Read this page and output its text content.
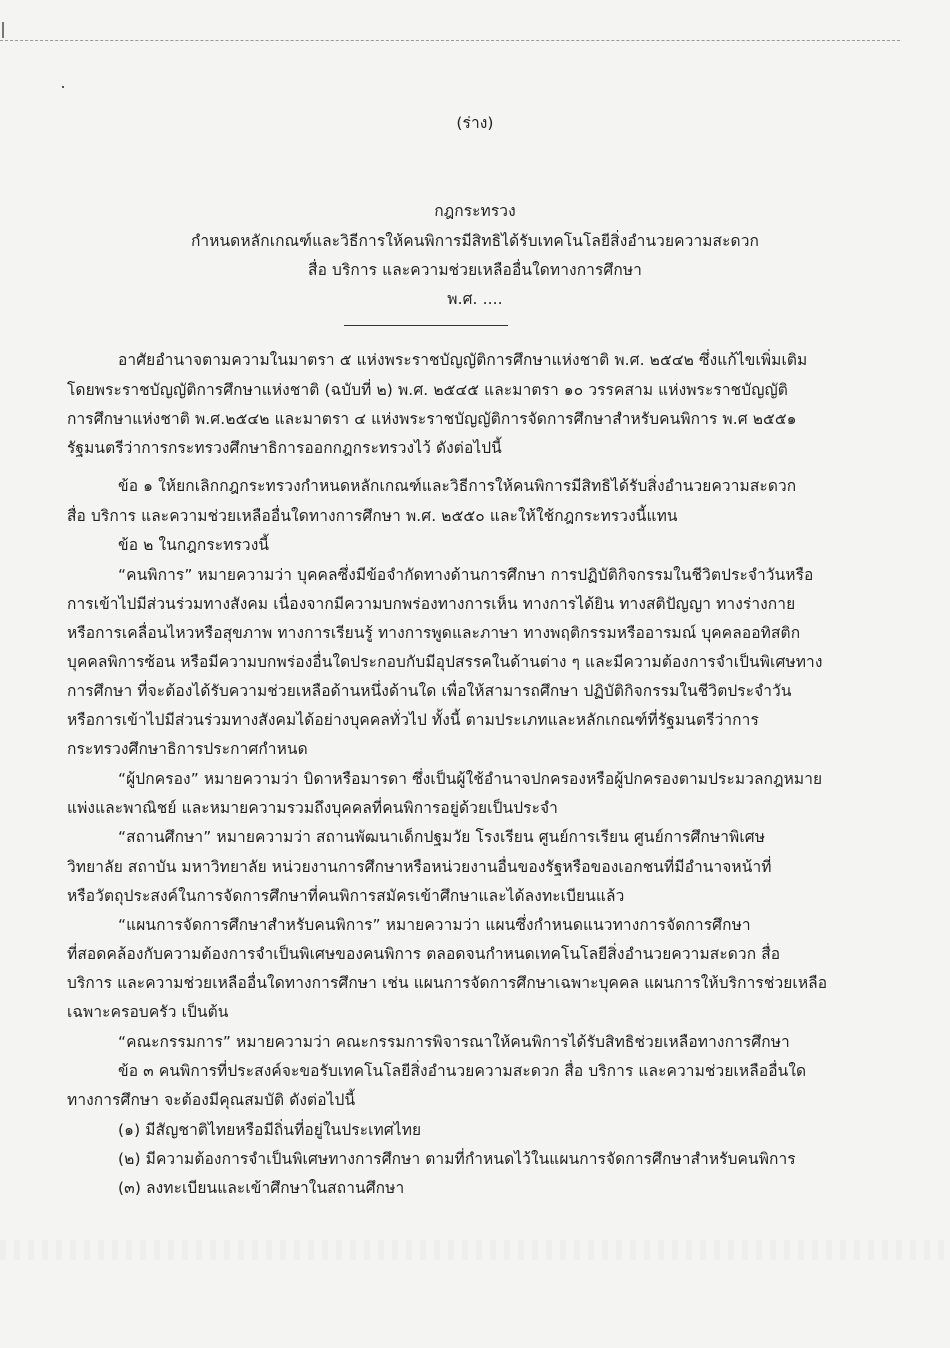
(ร่าง)
กฎกระทรวง
กำหนดหลักเกณฑ์และวิธีการให้คนพิการมีสิทธิได้รับเทคโนโลยีสิ่งอำนวยความสะดวก
สื่อ บริการ และความช่วยเหลืออื่นใดทางการศึกษา
พ.ศ. ....
อาศัยอำนาจตามความในมาตรา ๕ แห่งพระราชบัญญัติการศึกษาแห่งชาติ พ.ศ. ๒๕๔๒ ซึ่งแก้ไขเพิ่มเติม
โดยพระราชบัญญัติการศึกษาแห่งชาติ (ฉบับที่ ๒) พ.ศ. ๒๕๔๕ และมาตรา ๑๐ วรรคสาม แห่งพระราชบัญญัติ
การศึกษาแห่งชาติ พ.ศ.๒๕๔๒ และมาตรา ๔ แห่งพระราชบัญญัติการจัดการศึกษาสำหรับคนพิการ พ.ศ ๒๕๕๑
รัฐมนตรีว่าการกระทรวงศึกษาธิการออกกฎกระทรวงไว้ ดังต่อไปนี้
ข้อ ๑ ให้ยกเลิกกฎกระทรวงกำหนดหลักเกณฑ์และวิธีการให้คนพิการมีสิทธิได้รับสิ่งอำนวยความสะดวก
สื่อ บริการ และความช่วยเหลืออื่นใดทางการศึกษา พ.ศ. ๒๕๕๐ และให้ใช้กฎกระทรวงนี้แทน
ข้อ ๒ ในกฎกระทรวงนี้
“คนพิการ” หมายความว่า บุคคลซึ่งมีข้อจำกัดทางด้านการศึกษา การปฏิบัติกิจกรรมในชีวิตประจำวันหรือ
การเข้าไปมีส่วนร่วมทางสังคม เนื่องจากมีความบกพร่องทางการเห็น ทางการได้ยิน ทางสติปัญญา ทางร่างกาย
หรือการเคลื่อนไหวหรือสุขภาพ ทางการเรียนรู้ ทางการพูดและภาษา ทางพฤติกรรมหรืออารมณ์ บุคคลออทิสติก
บุคคลพิการซ้อน หรือมีความบกพร่องอื่นใดประกอบกับมีอุปสรรคในด้านต่าง ๆ และมีความต้องการจำเป็นพิเศษทาง
การศึกษา ที่จะต้องได้รับความช่วยเหลือด้านหนึ่งด้านใด เพื่อให้สามารถศึกษา ปฏิบัติกิจกรรมในชีวิตประจำวัน
หรือการเข้าไปมีส่วนร่วมทางสังคมได้อย่างบุคคลทั่วไป ทั้งนี้ ตามประเภทและหลักเกณฑ์ที่รัฐมนตรีว่าการ
กระทรวงศึกษาธิการประกาศกำหนด
“ผู้ปกครอง” หมายความว่า บิดาหรือมารดา ซึ่งเป็นผู้ใช้อำนาจปกครองหรือผู้ปกครองตามประมวลกฎหมาย
แพ่งและพาณิชย์ และหมายความรวมถึงบุคคลที่คนพิการอยู่ด้วยเป็นประจำ
“สถานศึกษา” หมายความว่า สถานพัฒนาเด็กปฐมวัย โรงเรียน ศูนย์การเรียน ศูนย์การศึกษาพิเศษ
วิทยาลัย สถาบัน มหาวิทยาลัย หน่วยงานการศึกษาหรือหน่วยงานอื่นของรัฐหรือของเอกชนที่มีอำนาจหน้าที่
หรือวัตถุประสงค์ในการจัดการศึกษาที่คนพิการสมัครเข้าศึกษาและได้ลงทะเบียนแล้ว
“แผนการจัดการศึกษาสำหรับคนพิการ” หมายความว่า แผนซึ่งกำหนดแนวทางการจัดการศึกษา
ที่สอดคล้องกับความต้องการจำเป็นพิเศษของคนพิการ ตลอดจนกำหนดเทคโนโลยีสิ่งอำนวยความสะดวก สื่อ
บริการ และความช่วยเหลืออื่นใดทางการศึกษา เช่น แผนการจัดการศึกษาเฉพาะบุคคล แผนการให้บริการช่วยเหลือ
เฉพาะครอบครัว เป็นต้น
“คณะกรรมการ” หมายความว่า คณะกรรมการพิจารณาให้คนพิการได้รับสิทธิช่วยเหลือทางการศึกษา
ข้อ ๓ คนพิการที่ประสงค์จะขอรับเทคโนโลยีสิ่งอำนวยความสะดวก สื่อ บริการ และความช่วยเหลืออื่นใด
ทางการศึกษา จะต้องมีคุณสมบัติ ดังต่อไปนี้
(๑) มีสัญชาติไทยหรือมีถิ่นที่อยู่ในประเทศไทย
(๒) มีความต้องการจำเป็นพิเศษทางการศึกษา ตามที่กำหนดไว้ในแผนการจัดการศึกษาสำหรับคนพิการ
(๓) ลงทะเบียนและเข้าศึกษาในสถานศึกษา
